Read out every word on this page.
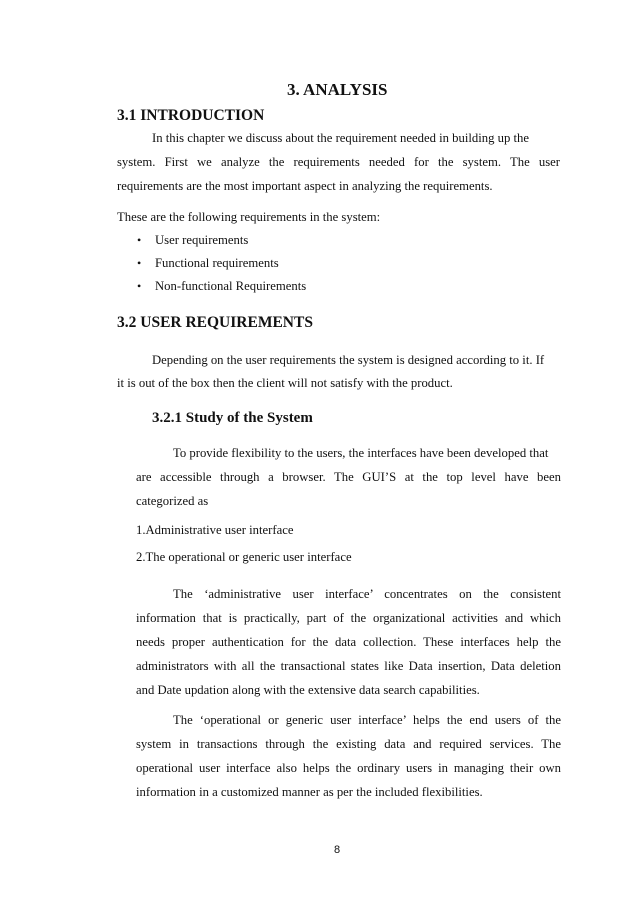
3. ANALYSIS
3.1 INTRODUCTION
In this chapter we discuss about the requirement needed in building up the
system. First we analyze the requirements needed for the system. The user
requirements are the most important aspect in analyzing the requirements.
These are the following requirements in the system:
• User requirements
• Functional requirements
• Non-functional Requirements
3.2 USER REQUIREMENTS
Depending on the user requirements the system is designed according to it. If
it is out of the box then the client will not satisfy with the product.
3.2.1 Study of the System
To provide flexibility to the users, the interfaces have been developed that
are accessible through a browser. The GUI’S at the top level have been
categorized as
1.Administrative user interface
2.The operational or generic user interface
The ‘administrative user interface’ concentrates on the consistent
information that is practically, part of the organizational activities and which
needs proper authentication for the data collection. These interfaces help the
administrators with all the transactional states like Data insertion, Data deletion
and Date updation along with the extensive data search capabilities.
The ‘operational or generic user interface’ helps the end users of the
system in transactions through the existing data and required services. The
operational user interface also helps the ordinary users in managing their own
information in a customized manner as per the included flexibilities.
8
